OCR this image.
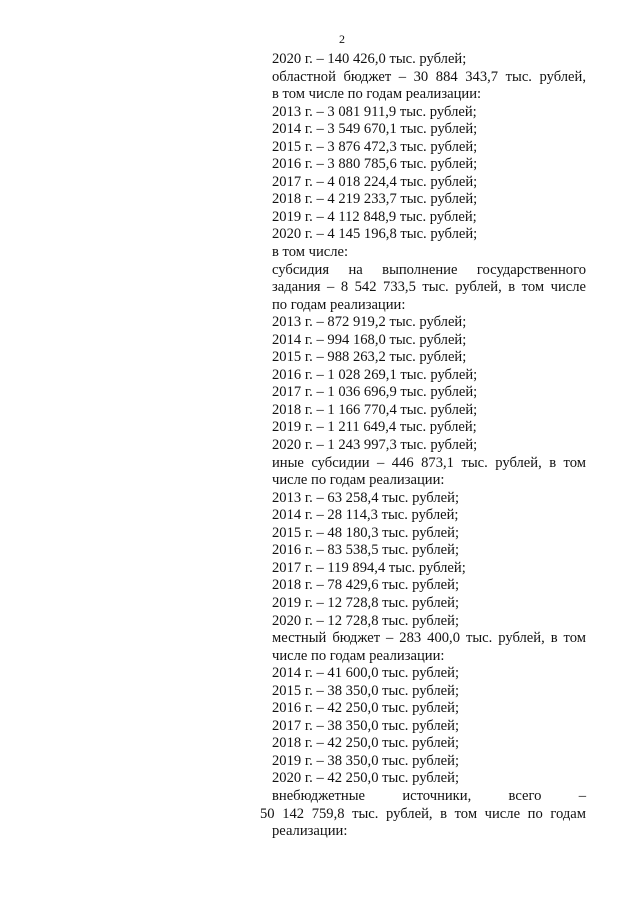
2
2020 г. – 140 426,0 тыс. рублей;
областной бюджет – 30 884 343,7 тыс. рублей,
в том числе по годам реализации:
2013 г. – 3 081 911,9 тыс. рублей;
2014 г. – 3 549 670,1 тыс. рублей;
2015 г. – 3 876 472,3 тыс. рублей;
2016 г. – 3 880 785,6 тыс. рублей;
2017 г. – 4 018 224,4 тыс. рублей;
2018 г. – 4 219 233,7 тыс. рублей;
2019 г. – 4 112 848,9 тыс. рублей;
2020 г. – 4 145 196,8 тыс. рублей;
в том числе:
субсидия на выполнение государственного
задания – 8 542 733,5 тыс. рублей, в том числе
по годам реализации:
2013 г. – 872 919,2 тыс. рублей;
2014 г. – 994 168,0 тыс. рублей;
2015 г. – 988 263,2 тыс. рублей;
2016 г. – 1 028 269,1 тыс. рублей;
2017 г. – 1 036 696,9 тыс. рублей;
2018 г. – 1 166 770,4 тыс. рублей;
2019 г. – 1 211 649,4 тыс. рублей;
2020 г. – 1 243 997,3 тыс. рублей;
иные субсидии – 446 873,1 тыс. рублей, в том
числе по годам реализации:
2013 г. – 63 258,4 тыс. рублей;
2014 г. – 28 114,3 тыс. рублей;
2015 г. – 48 180,3 тыс. рублей;
2016 г. – 83 538,5 тыс. рублей;
2017 г. – 119 894,4 тыс. рублей;
2018 г. – 78 429,6 тыс. рублей;
2019 г. – 12 728,8 тыс. рублей;
2020 г. – 12 728,8 тыс. рублей;
местный бюджет – 283 400,0 тыс. рублей, в том
числе по годам реализации:
2014 г. – 41 600,0 тыс. рублей;
2015 г. – 38 350,0 тыс. рублей;
2016 г. – 42 250,0 тыс. рублей;
2017 г. – 38 350,0 тыс. рублей;
2018 г. – 42 250,0 тыс. рублей;
2019 г. – 38 350,0 тыс. рублей;
2020 г. – 42 250,0 тыс. рублей;
внебюджетные источники, всего –
50 142 759,8 тыс. рублей, в том числе по годам
реализации:
